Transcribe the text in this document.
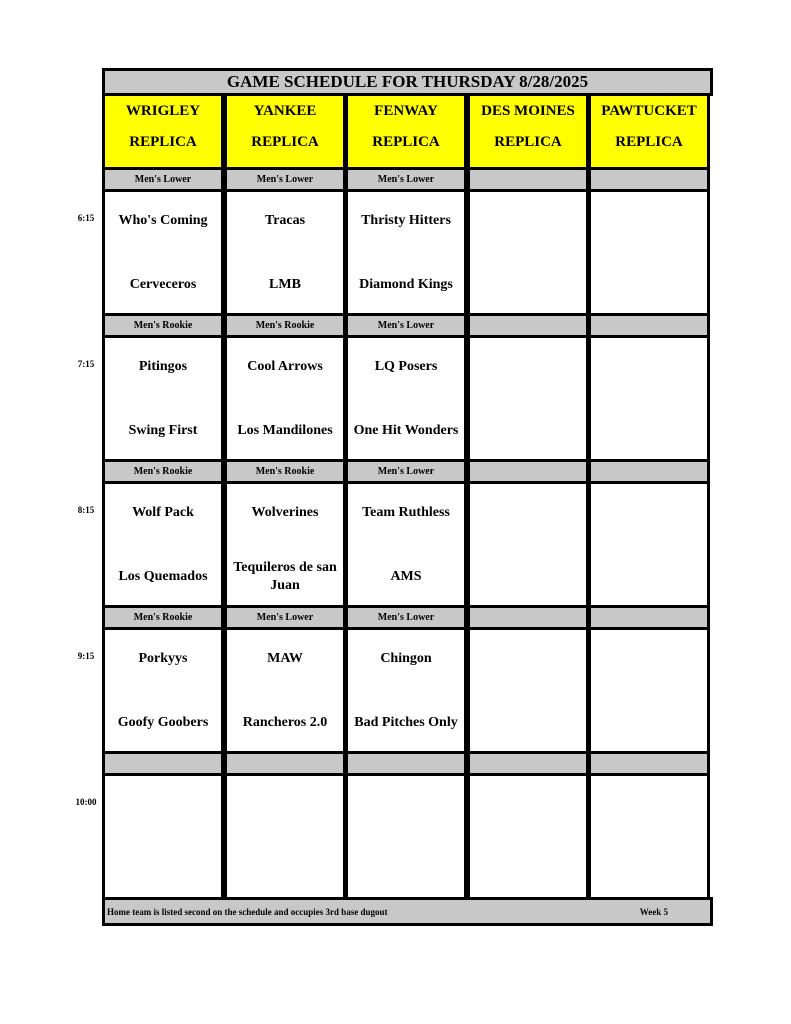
GAME SCHEDULE FOR THURSDAY 8/28/2025
Home team is listed second on the schedule and occupies 3rd base dugout	Week 5
WRIGLEY
REPLICA
YANKEE
REPLICA
FENWAY
REPLICA
DES MOINES
REPLICA
PAWTUCKET
REPLICA
Men's Lower
Who's Coming
Cerveceros
Men's Lower
Tracas
LMB
Men's Lower
Thristy Hitters
Diamond Kings
Men's Rookie
Pitingos
Swing First
Men's Rookie
Cool Arrows
Los Mandilones
Men's Lower
LQ Posers
One Hit Wonders
Men's Rookie
Wolf Pack
Los Quemados
Men's Rookie
Wolverines
Tequileros de san Juan
Men's Lower
Team Ruthless
AMS
Men's Rookie
Porkyys
Goofy Goobers
Men's Lower
MAW
Rancheros 2.0
Men's Lower
Chingon
Bad Pitches Only
6:15
7:15
8:15
9:15
10:00
